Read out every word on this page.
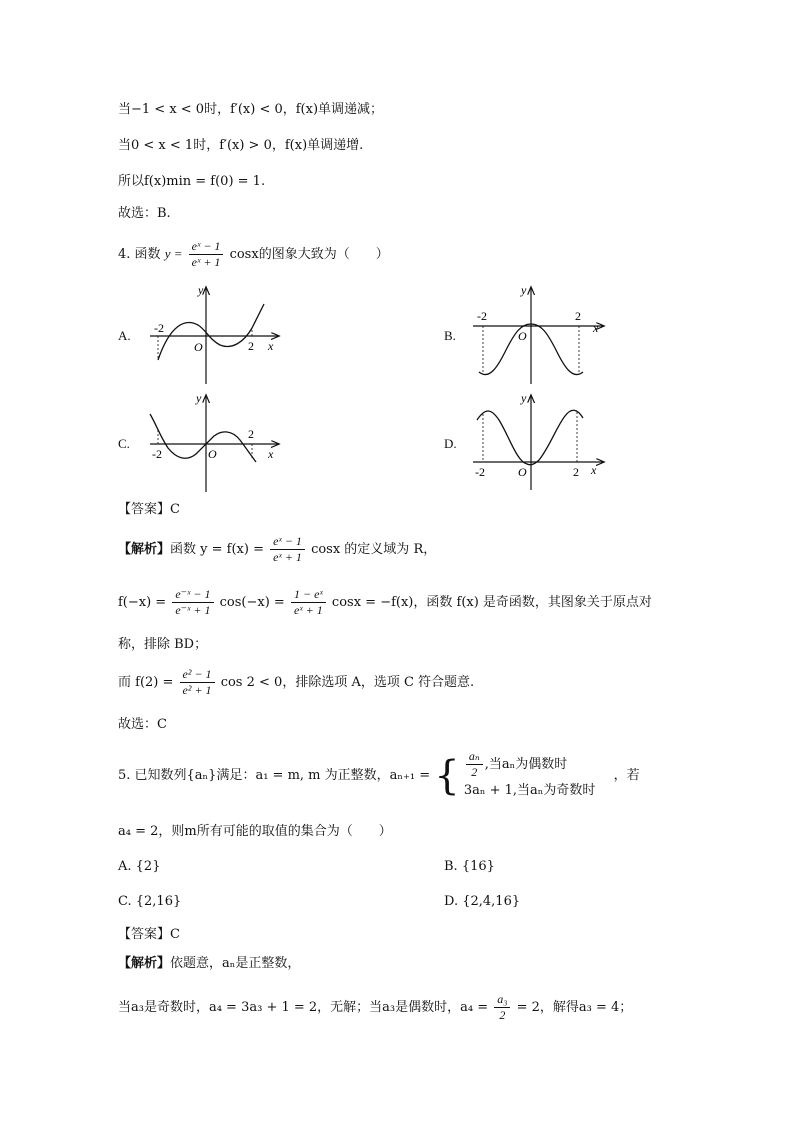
当−1 < x < 0时，f′(x) < 0，f(x)单调递减；
当0 < x < 1时，f′(x) > 0，f(x)单调递增.
所以f(x)min = f(0) = 1.
故选：B.
4. 函数 $y = \frac{\text{eˣ − 1}}{\text{eˣ + 1}}$ cosx的图象大致为（　　）
A.	B.
C.	D.
-2
2
O
y
x
-2	2
O
y
x
-2
2
O
y
x
-2	2
O
y
x
【答案】C
【解析】函数 $y = f(x) = \frac{\text{eˣ − 1}}{\text{eˣ + 1}}$ cosx 的定义域为 R，
$f(-x) = \frac{\text{e⁻ˣ − 1}}{\text{e⁻ˣ + 1}} \cos(-x) = \frac{\text{1 − eˣ}}{\text{eˣ + 1}}$ cosx = −f(x)，函数 f(x) 是奇函数，其图象关于原点对
称，排除 BD；
而 $f(2) = \frac{\text{e² − 1}}{\text{e² + 1}}$ cos 2 < 0，排除选项 A，选项 C 符合题意.
故选：C
5. 已知数列{aₙ}满足：a₁ = m, m 为正整数，aₙ₊₁ = { $\frac{\text{aₙ}}{2}$ ,当aₙ为偶数时
3aₙ + 1,当aₙ为奇数时
，若
a₄ = 2，则m所有可能的取值的集合为（　　）
A. {2}	B. {16}
C. {2,16}	D. {2,4,16}
【答案】C
【解析】依题意，aₙ是正整数，
当a₃是奇数时，a₄ = 3a₃ + 1 = 2，无解；当a₃是偶数时，$a_4 = \frac{\text{a₃}}{2} = 2$，解得a₃ = 4；
